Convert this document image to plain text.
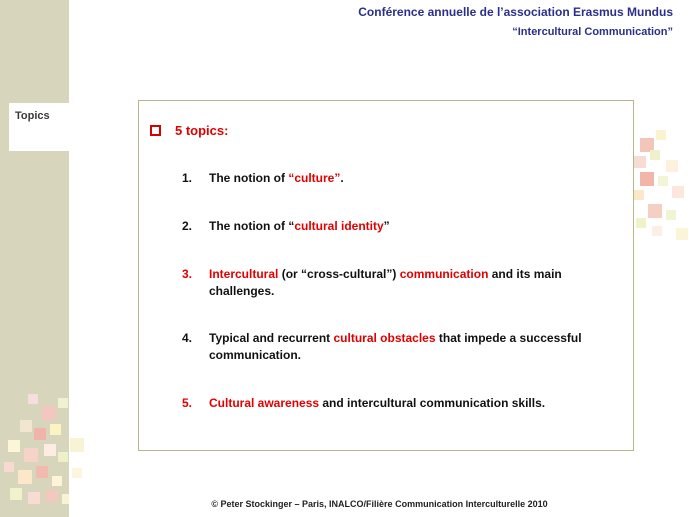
Topics
Conférence annuelle de l’association Erasmus Mundus
“Intercultural Communication”
5 topics:
1.	The notion of “culture”.
2.	The notion of “cultural identity”
3.	Intercultural (or “cross-cultural”) communication and its main challenges.
4.	Typical and recurrent cultural obstacles that impede a successful communication.
5.	Cultural awareness and intercultural communication skills.
© Peter Stockinger – Paris, INALCO/Filière Communication Interculturelle 2010
